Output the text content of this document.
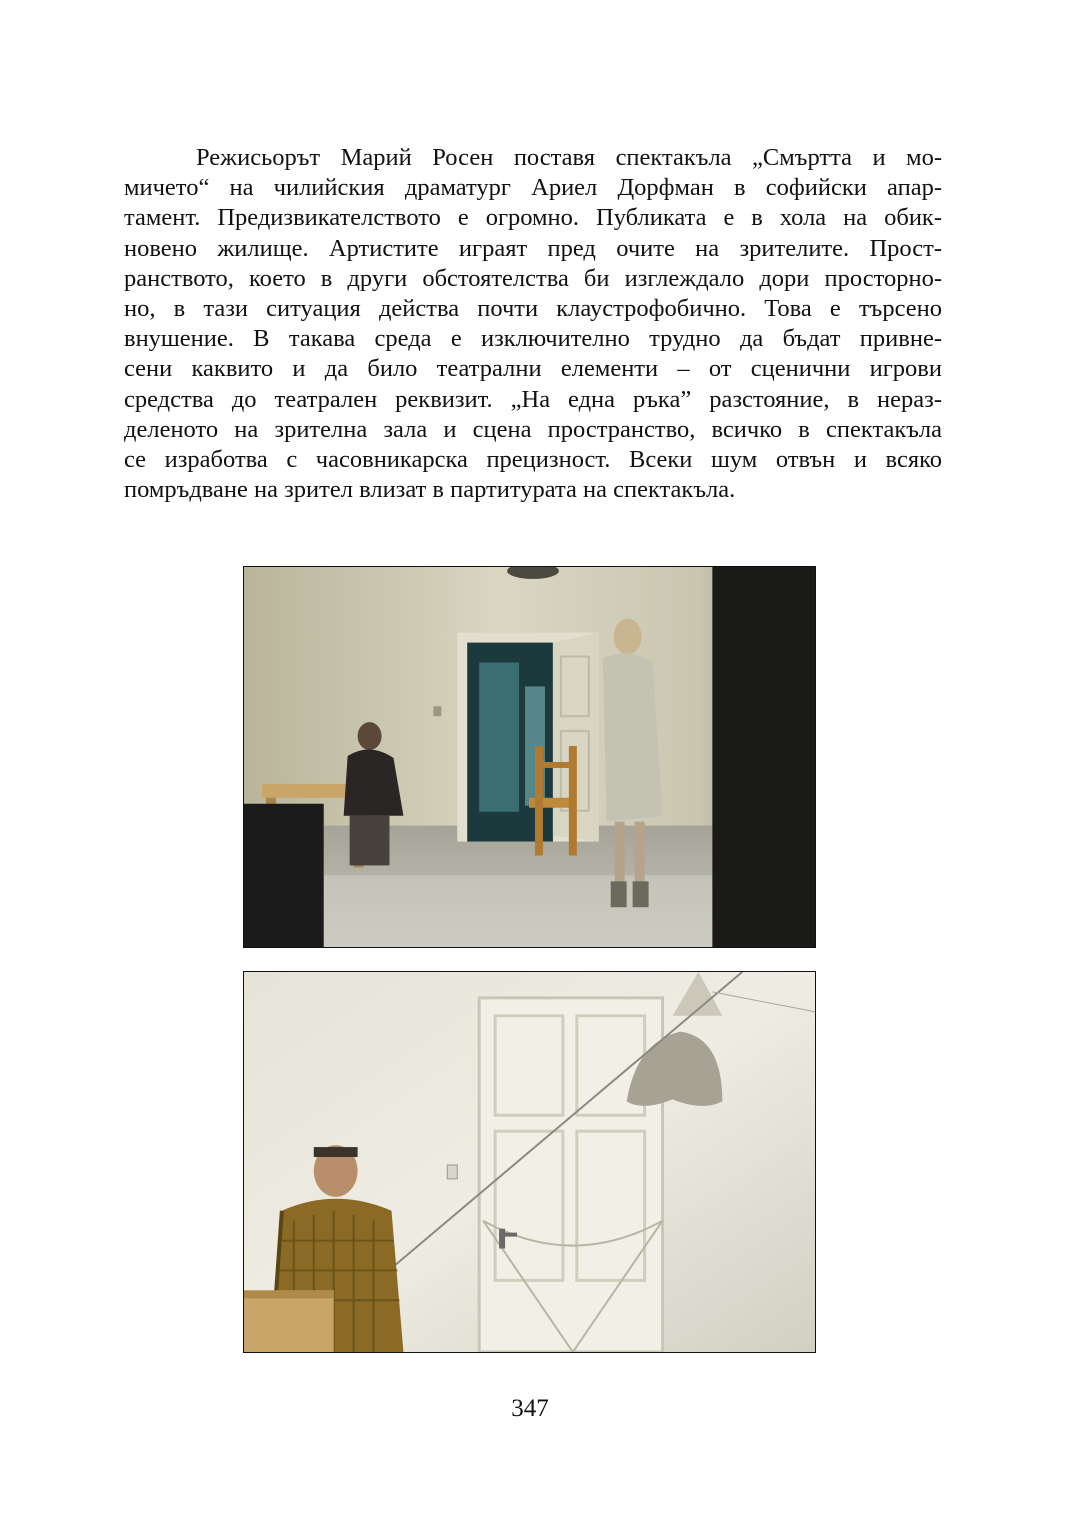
Режисьорът Марий Росен поставя спектакъла „Смъртта и мо-
мичето“ на чилийския драматург Ариел Дорфман в софийски апар-
тамент. Предизвикателството е огромно. Публиката е в хола на обик-
новено жилище. Артистите играят пред очите на зрителите. Прост-
ранството, което в други обстоятелства би изглеждало дори просторно-
но, в тази ситуация действа почти клаустрофобично. Това е търсено
внушение. В такава среда е изключително трудно да бъдат привне-
сени каквито и да било театрални елементи – от сценични игрови
средства до театрален реквизит. „На една ръка” разстояние, в нераз-
деленото на зрителна зала и сцена пространство, всичко в спектакъла
се изработва с часовникарска прецизност. Всеки шум отвън и всяко
помръдване на зрител влизат в партитурата на спектакъла.
347
